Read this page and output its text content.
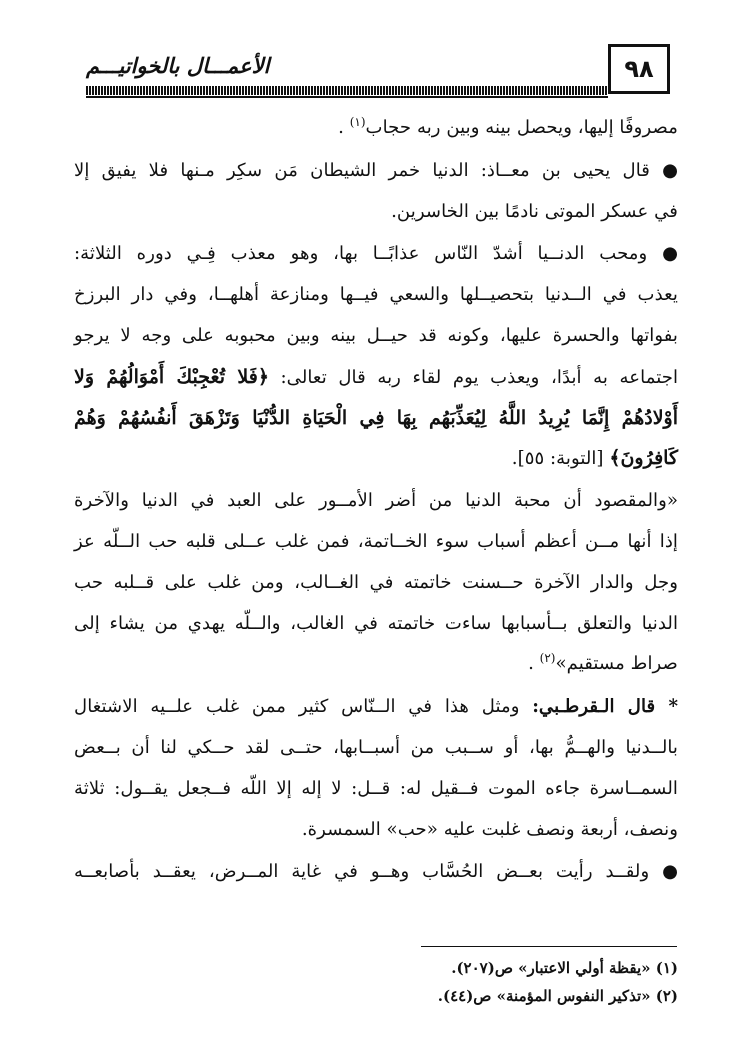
٩٨
الأعمـــال بالخواتيـــم
مصروفًا إليها، ويحصل بينه وبين ربه حجاب$^{(١)}$ .
● قال يحيى بن معــاذ: الدنيا خمر الشيطان مَن سكِر مـنها فلا يفيق إلا
في عسكر الموتى نادمًا بين الخاسرين.
● ومحب الدنــيا أشدّ النّاس عذابًــا بها، وهو معذب فِـي دوره الثلاثة:
يعذب في الــدنيا بتحصيــلها والسعي فيــها ومنازعة أهلهــا، وفي دار البرزخ
بفواتها والحسرة عليها، وكونه قد حيــل بينه وبين محبوبه على وجه لا يرجو
اجتماعه به أبدًا، ويعذب يوم لقاء ربه قال تعالى: ﴿فَلا تُعْجِبْكَ أَمْوَالُهُمْ وَلا
أَوْلادُهُمْ إِنَّمَا يُرِيدُ اللَّهُ لِيُعَذِّبَهُم بِهَا فِي الْحَيَاةِ الدُّنْيَا وَتَزْهَقَ أَنفُسُهُمْ وَهُمْ
كَافِرُونَ﴾ [التوبة: ٥٥].
«والمقصود أن محبة الدنيا من أضر الأمــور على العبد في الدنيا والآخرة
إذا أنها مــن أعظم أسباب سوء الخــاتمة، فمن غلب عــلى قلبه حب الــلّه عز
وجل والدار الآخرة حــسنت خاتمته في الغــالب، ومن غلب على قــلبه حب
الدنيا والتعلق بــأسبابها ساءت خاتمته في الغالب، والــلّه يهدي من يشاء إلى
صراط مستقيم»$^{(٢)}$ .
* قال الـقرطـبي: ومثل هذا في الــنّاس كثير ممن غلب علــيه الاشتغال
بالــدنيا والهــمُّ بها، أو ســبب من أسبــابها، حتــى لقد حــكي لنا أن بــعض
السمــاسرة جاءه الموت فــقيل له: قــل: لا إله إلا اللّه فــجعل يقــول: ثلاثة
ونصف، أربعة ونصف غلبت عليه «حب» السمسرة.
● ولقــد رأيت بعــض الحُسَّاب وهــو في غاية المــرض، يعقــد بأصابعــه
(١) «يقظة أولي الاعتبار» ص(٢٠٧).
(٢) «تذكير النفوس المؤمنة» ص(٤٤).
